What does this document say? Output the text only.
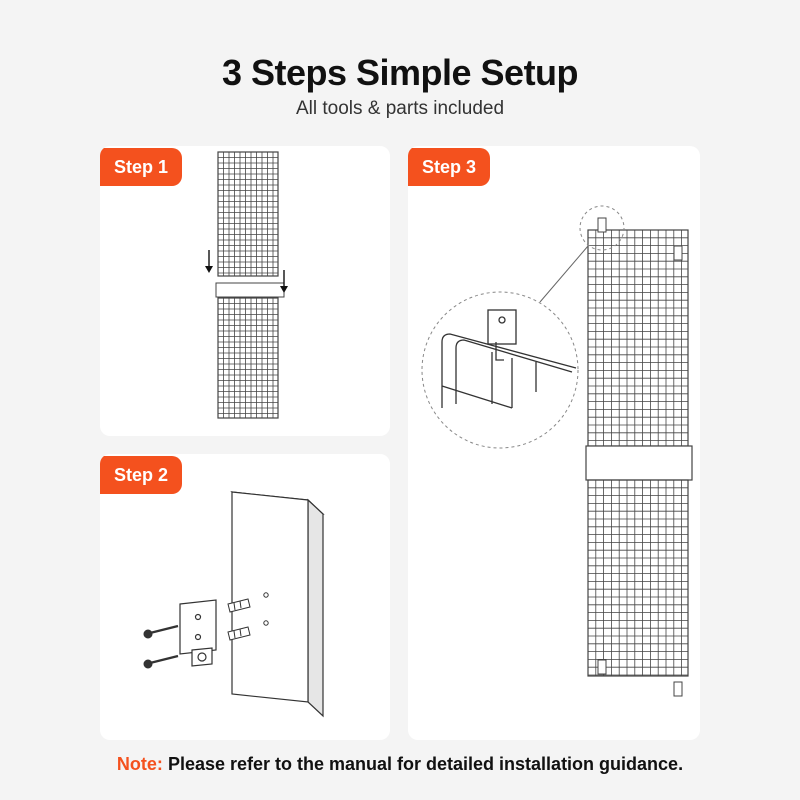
3 Steps Simple Setup
All tools & parts included
Step 1
Step 2
Step 3
Note: Please refer to the manual for detailed installation guidance.
